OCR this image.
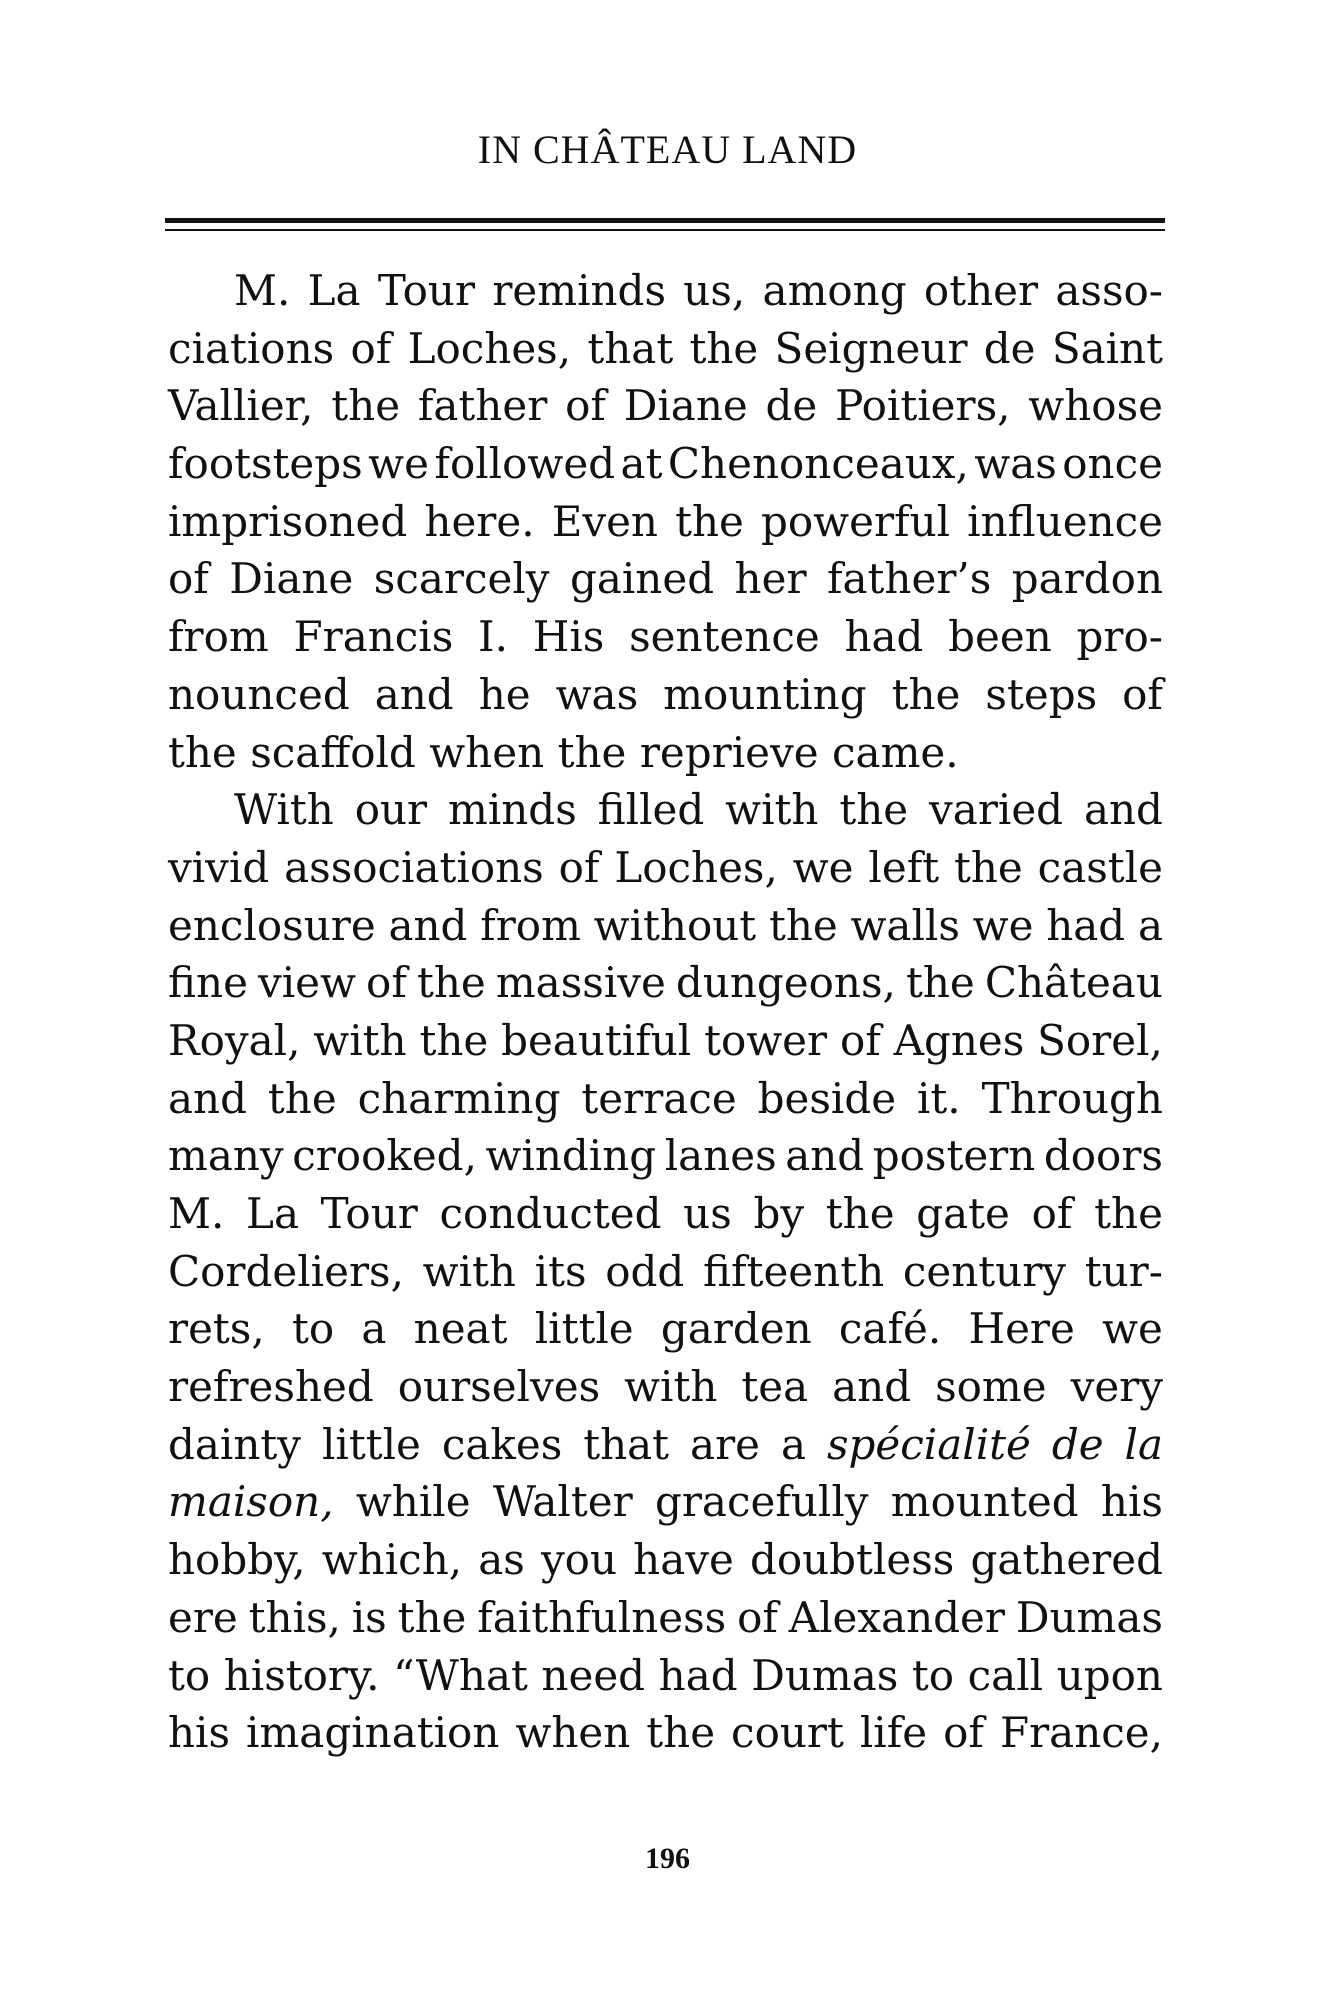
IN CHÂTEAU LAND
M. La Tour reminds us, among other asso-
ciations of Loches, that the Seigneur de Saint
Vallier, the father of Diane de Poitiers, whose
footsteps we followed at Chenonceaux, was once
imprisoned here. Even the powerful influence
of Diane scarcely gained her father’s pardon
from Francis I. His sentence had been pro-
nounced and he was mounting the steps of
the scaffold when the reprieve came.
With our minds filled with the varied and
vivid associations of Loches, we left the castle
enclosure and from without the walls we had a
fine view of the massive dungeons, the Château
Royal, with the beautiful tower of Agnes Sorel,
and the charming terrace beside it. Through
many crooked, winding lanes and postern doors
M. La Tour conducted us by the gate of the
Cordeliers, with its odd fifteenth century tur-
rets, to a neat little garden café. Here we
refreshed ourselves with tea and some very
dainty little cakes that are a spécialité de la
maison, while Walter gracefully mounted his
hobby, which, as you have doubtless gathered
ere this, is the faithfulness of Alexander Dumas
to history. “What need had Dumas to call upon
his imagination when the court life of France,
196
